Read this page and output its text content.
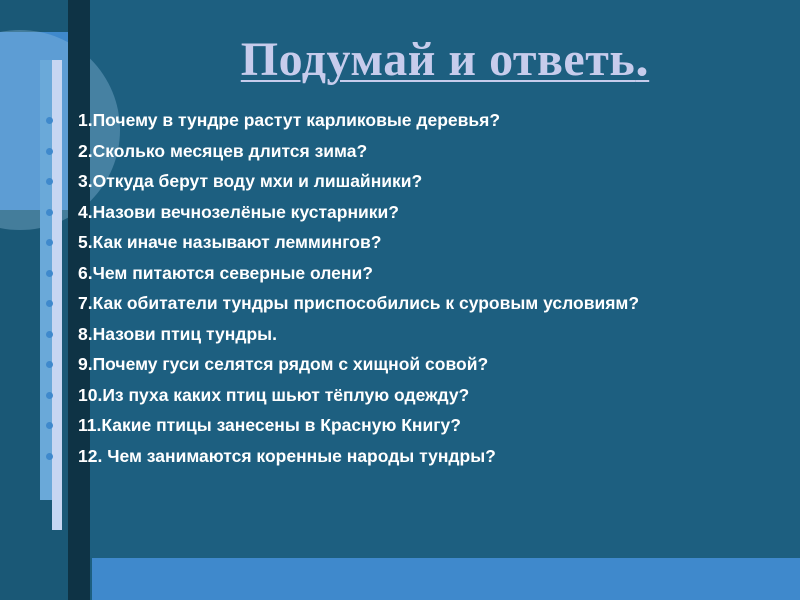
Подумай и ответь.
1.Почему в тундре растут карликовые деревья?
2.Сколько месяцев длится зима?
3.Откуда берут воду мхи и лишайники?
4.Назови вечнозелёные кустарники?
5.Как иначе называют леммингов?
6.Чем питаются северные олени?
7.Как обитатели тундры приспособились к суровым условиям?
8.Назови птиц тундры.
9.Почему гуси селятся рядом с хищной совой?
10.Из пуха каких птиц шьют тёплую одежду?
11.Какие птицы занесены в Красную Книгу?
12. Чем занимаются коренные народы тундры?
